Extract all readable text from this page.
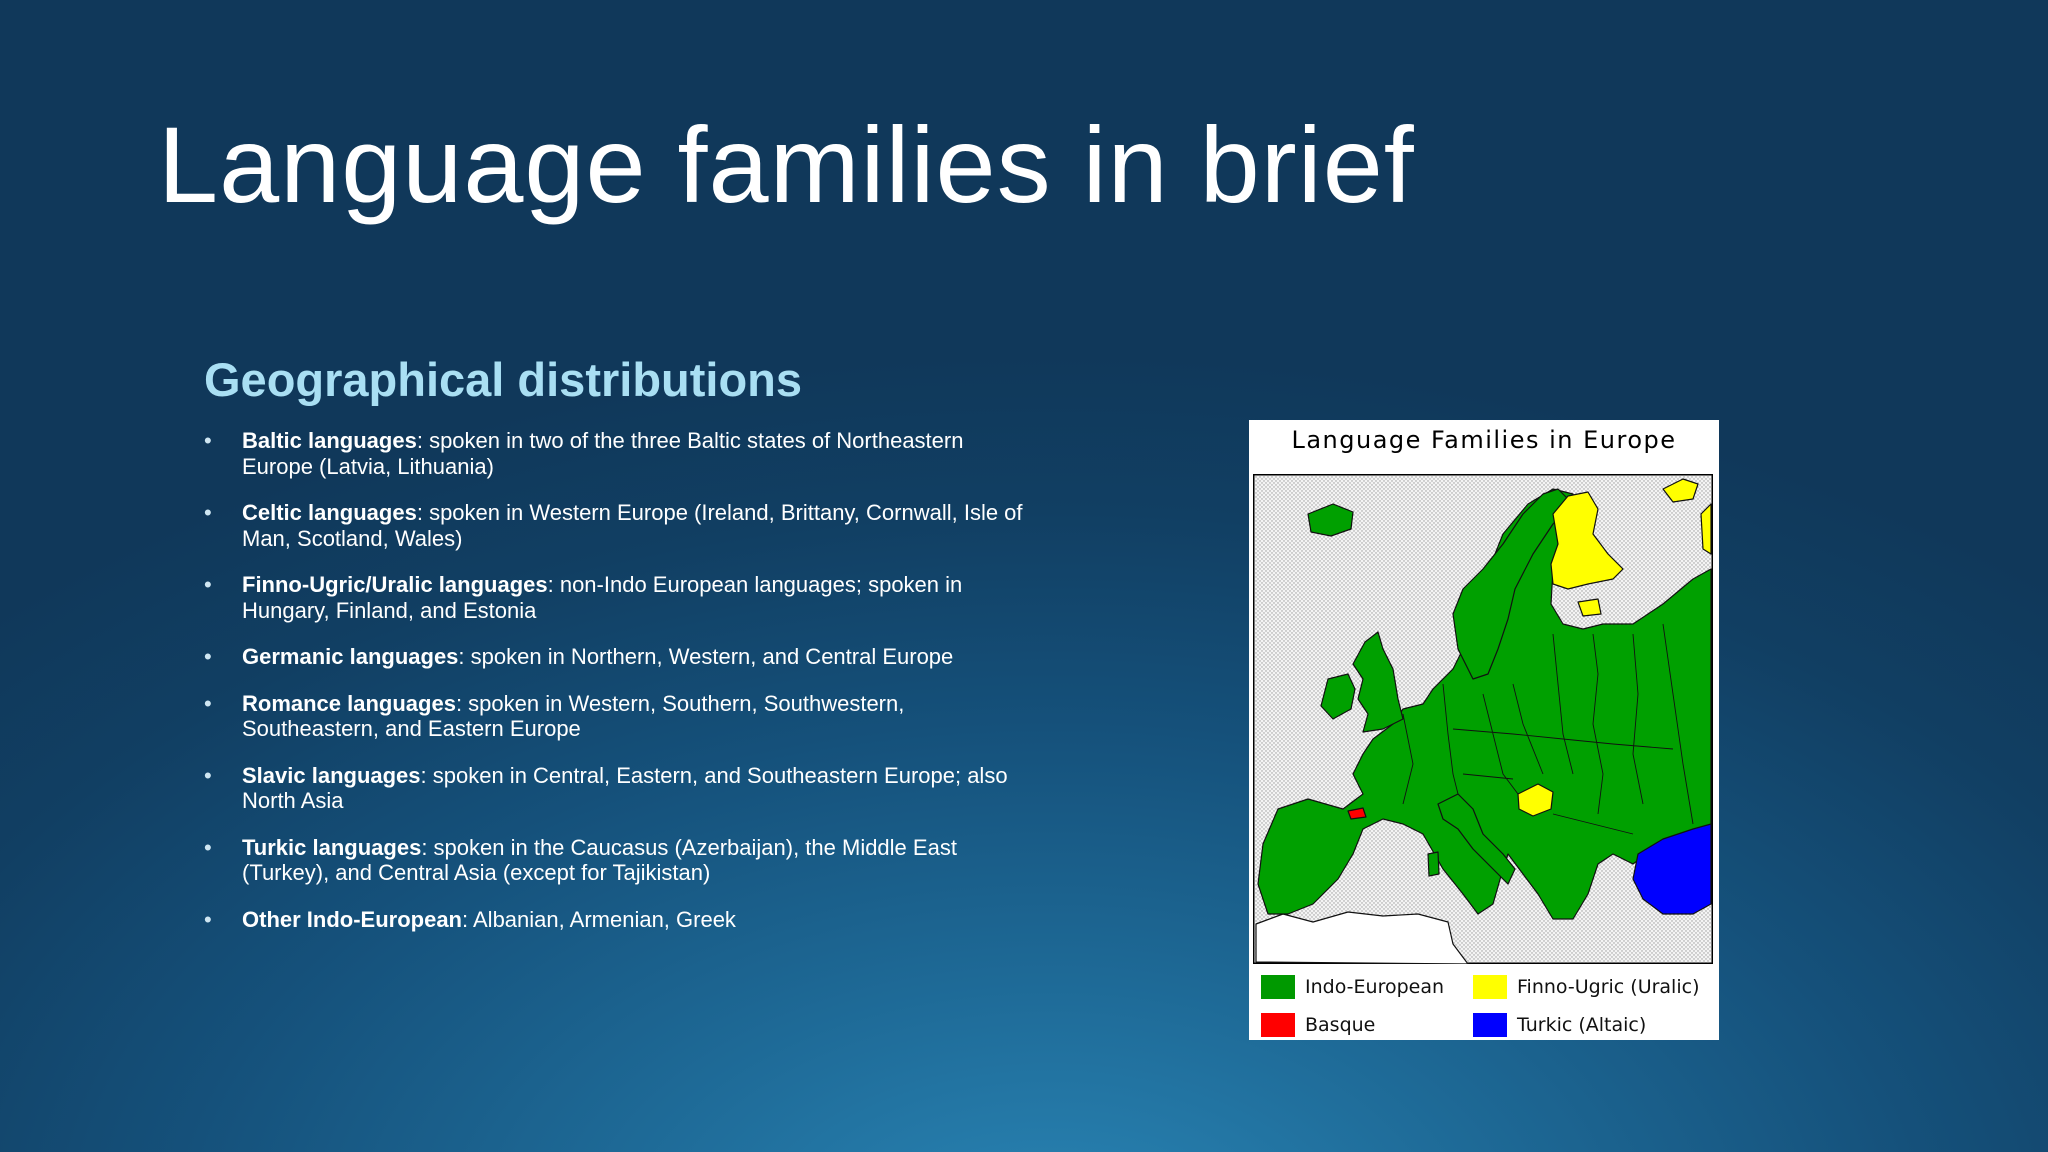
Language families in brief
Geographical distributions
• Baltic languages: spoken in two of the three Baltic states of Northeastern Europe (Latvia, Lithuania)
• Celtic languages: spoken in Western Europe (Ireland, Brittany, Cornwall, Isle of Man, Scotland, Wales)
• Finno-Ugric/Uralic languages: non-Indo European languages; spoken in Hungary, Finland, and Estonia
• Germanic languages: spoken in Northern, Western, and Central Europe
• Romance languages: spoken in Western, Southern, Southwestern, Southeastern, and Eastern Europe
• Slavic languages: spoken in Central, Eastern, and Southeastern Europe; also North Asia
• Turkic languages: spoken in the Caucasus (Azerbaijan), the Middle East (Turkey), and Central Asia (except for Tajikistan)
• Other Indo-European: Albanian, Armenian, Greek
Language Families in Europe
Indo-European	Finno-Ugric (Uralic)
Basque	Turkic (Altaic)
